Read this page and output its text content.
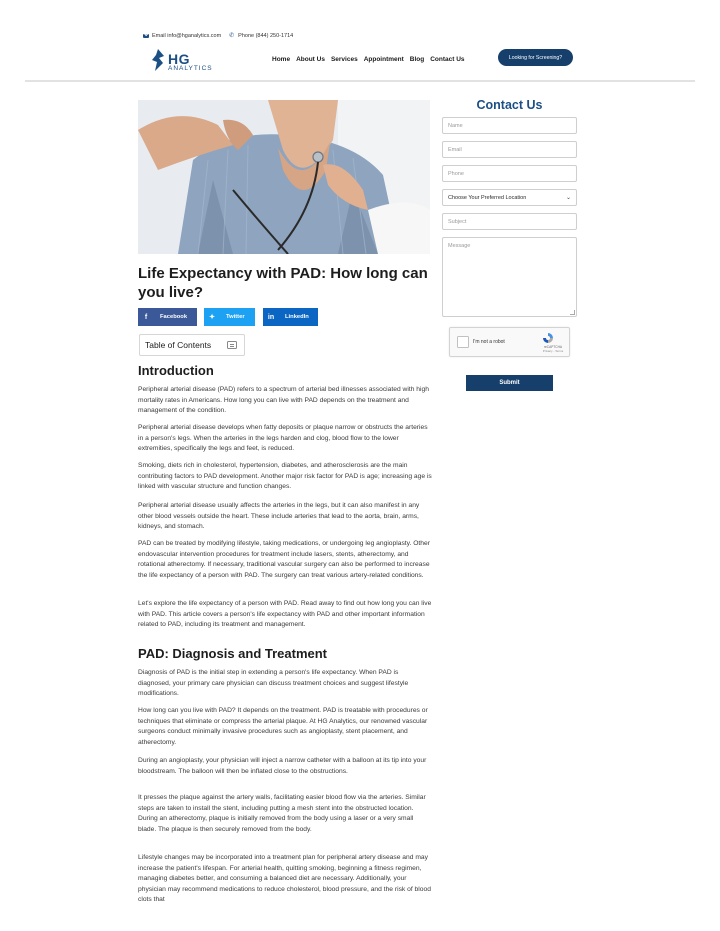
Email info@hganalytics.com ✆ Phone (844) 250-1714
HG
ANALYTICS
Home About Us Services Appointment Blog Contact Us	Looking for Screening?
Life Expectancy with PAD: How long can you live?
f	Facebook	✦	Twitter	in	LinkedIn
Table of Contents
Introduction

Peripheral arterial disease (PAD) refers to a spectrum of arterial bed illnesses associated with high mortality rates in Americans. How long you can live with PAD depends on the treatment and management of the condition.

Peripheral arterial disease develops when fatty deposits or plaque narrow or obstructs the arteries in a person's legs. When the arteries in the legs harden and clog, blood flow to the lower extremities, specifically the legs and feet, is reduced.

Smoking, diets rich in cholesterol, hypertension, diabetes, and atherosclerosis are the main contributing factors to PAD development. Another major risk factor for PAD is age; increasing age is linked with vascular structure and function changes.

Peripheral arterial disease usually affects the arteries in the legs, but it can also manifest in any other blood vessels outside the heart. These include arteries that lead to the aorta, brain, arms, kidneys, and stomach.

PAD can be treated by modifying lifestyle, taking medications, or undergoing leg angioplasty. Other endovascular intervention procedures for treatment include lasers, stents, atherectomy, and rotational atherectomy. If necessary, traditional vascular surgery can also be performed to increase the life expectancy of a person with PAD. The surgery can treat various artery-related conditions.

Let's explore the life expectancy of a person with PAD. Read away to find out how long you can live with PAD. This article covers a person's life expectancy with PAD and other important information related to PAD, including its treatment and management.

PAD: Diagnosis and Treatment

Diagnosis of PAD is the initial step in extending a person's life expectancy. When PAD is diagnosed, your primary care physician can discuss treatment choices and suggest lifestyle modifications.

How long can you live with PAD? It depends on the treatment. PAD is treatable with procedures or techniques that eliminate or compress the arterial plaque. At HG Analytics, our renowned vascular surgeons conduct minimally invasive procedures such as angioplasty, stent placement, and atherectomy.

During an angioplasty, your physician will inject a narrow catheter with a balloon at its tip into your bloodstream. The balloon will then be inflated close to the obstructions.

It presses the plaque against the artery walls, facilitating easier blood flow via the arteries. Similar steps are taken to install the stent, including putting a mesh stent into the obstructed location. During an atherectomy, plaque is initially removed from the body using a laser or a very small blade. The plaque is then securely removed from the body.

Lifestyle changes may be incorporated into a treatment plan for peripheral artery disease and may increase the patient's lifespan. For arterial health, quitting smoking, beginning a fitness regimen, managing diabetes better, and consuming a balanced diet are necessary. Additionally, your physician may recommend medications to reduce cholesterol, blood pressure, and the risk of blood clots that

Contact Us
Name
Email
Phone
Choose Your Preferred Location	⌄
Subject
Message
I'm not a robot
reCAPTCHA
Privacy - Terms
Submit
